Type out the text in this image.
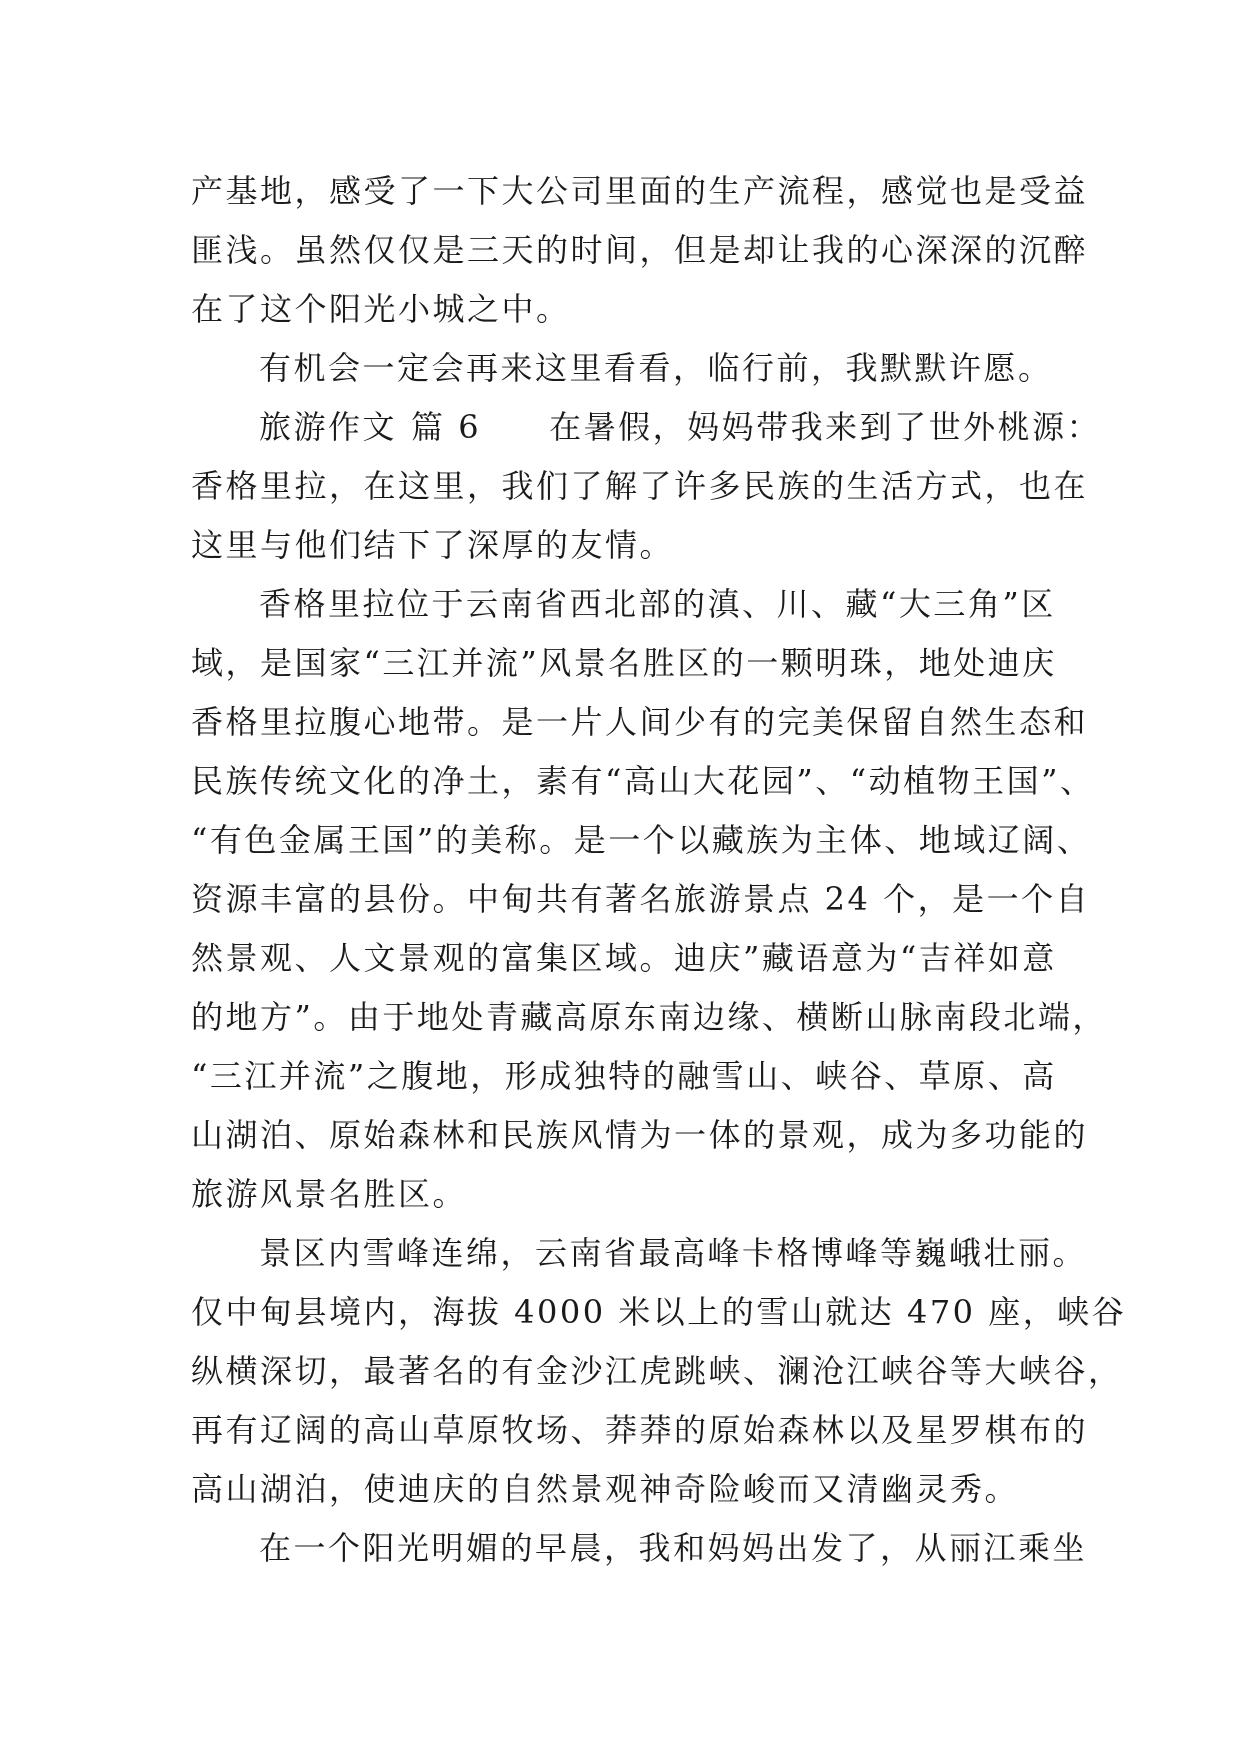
产基地，感受了一下大公司里面的生产流程，感觉也是受益
匪浅。虽然仅仅是三天的时间，但是却让我的心深深的沉醉
在了这个阳光小城之中。
有机会一定会再来这里看看，临行前，我默默许愿。
旅游作文 篇 6 在暑假，妈妈带我来到了世外桃源：
香格里拉，在这里，我们了解了许多民族的生活方式，也在
这里与他们结下了深厚的友情。
香格里拉位于云南省西北部的滇、川、藏“大三角”区
域，是国家“三江并流”风景名胜区的一颗明珠，地处迪庆
香格里拉腹心地带。是一片人间少有的完美保留自然生态和
民族传统文化的净土，素有“高山大花园”、“动植物王国”、
“有色金属王国”的美称。是一个以藏族为主体、地域辽阔、
资源丰富的县份。中甸共有著名旅游景点 24 个，是一个自
然景观、人文景观的富集区域。迪庆”藏语意为“吉祥如意
的地方”。由于地处青藏高原东南边缘、横断山脉南段北端，
“三江并流”之腹地，形成独特的融雪山、峡谷、草原、高
山湖泊、原始森林和民族风情为一体的景观，成为多功能的
旅游风景名胜区。
景区内雪峰连绵，云南省最高峰卡格博峰等巍峨壮丽。
仅中甸县境内，海拔 4000 米以上的雪山就达 470 座，峡谷
纵横深切，最著名的有金沙江虎跳峡、澜沧江峡谷等大峡谷，
再有辽阔的高山草原牧场、莽莽的原始森林以及星罗棋布的
高山湖泊，使迪庆的自然景观神奇险峻而又清幽灵秀。
在一个阳光明媚的早晨，我和妈妈出发了，从丽江乘坐
